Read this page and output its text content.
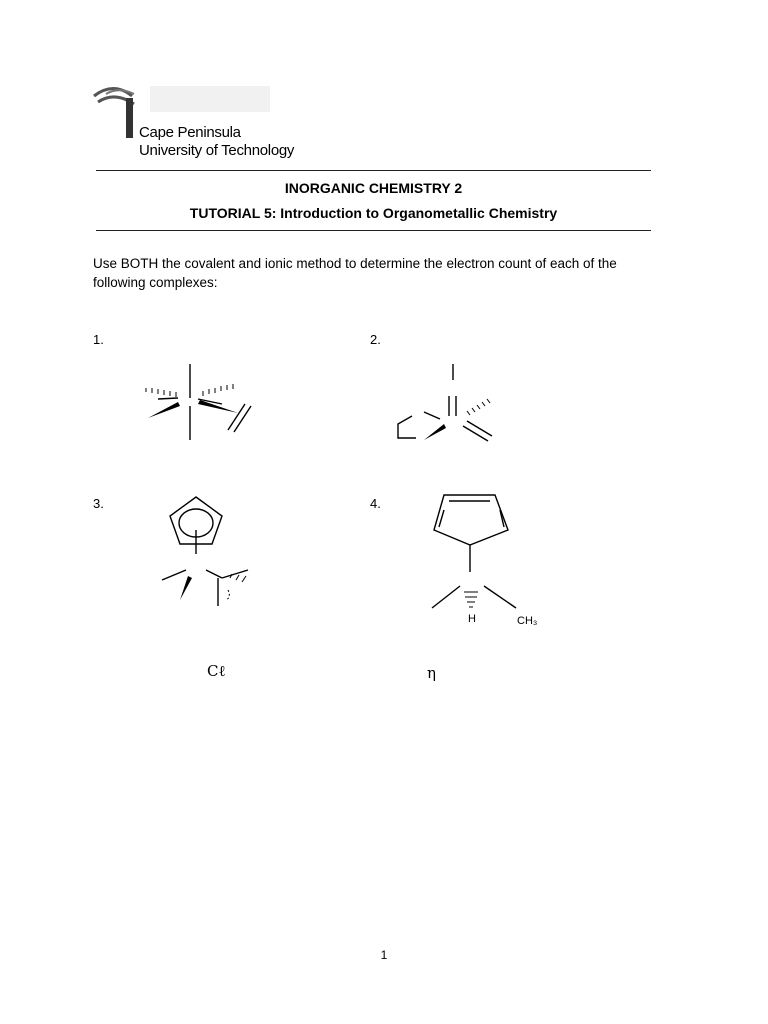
Cape Peninsula
University of Technology
INORGANIC CHEMISTRY 2
TUTORIAL 5: Introduction to Organometallic Chemistry
Use BOTH the covalent and ionic method to determine the electron count of each of the following complexes:
1.	2.
3.	4.
H	CH₃
Cℓ	η
1
